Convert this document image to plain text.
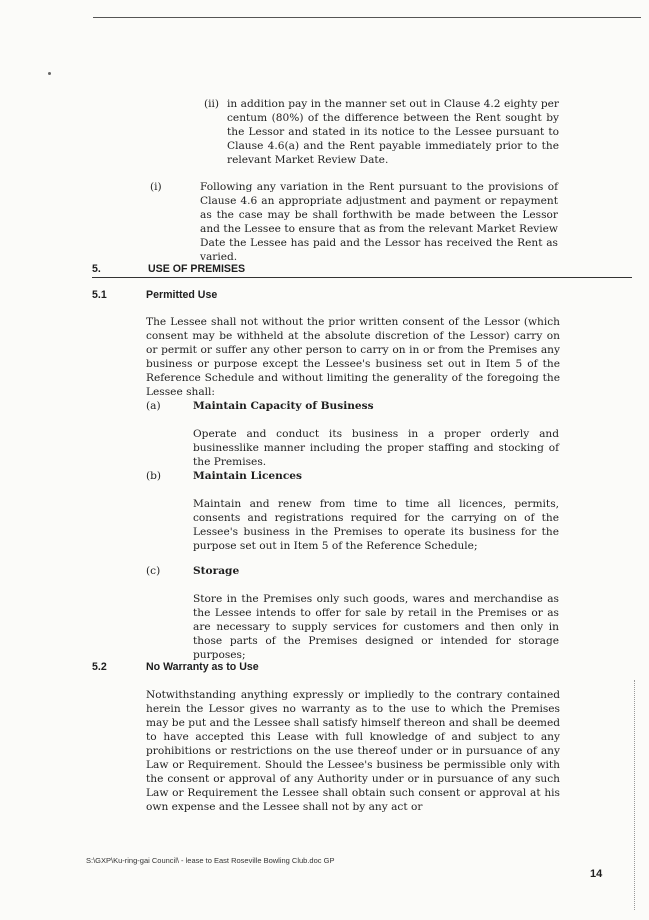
(ii) in addition pay in the manner set out in Clause 4.2 eighty per centum (80%) of the difference between the Rent sought by the Lessor and stated in its notice to the Lessee pursuant to Clause 4.6(a) and the Rent payable immediately prior to the relevant Market Review Date.

(i)	Following any variation in the Rent pursuant to the provisions of Clause 4.6 an appropriate adjustment and payment or repayment as the case may be shall forthwith be made between the Lessor and the Lessee to ensure that as from the relevant Market Review Date the Lessee has paid and the Lessor has received the Rent as varied.

5.	USE OF PREMISES
5.1	Permitted Use

The Lessee shall not without the prior written consent of the Lessor (which consent may be withheld at the absolute discretion of the Lessor) carry on or permit or suffer any other person to carry on in or from the Premises any business or purpose except the Lessee's business set out in Item 5 of the Reference Schedule and without limiting the generality of the foregoing the Lessee shall:

(a)	Maintain Capacity of Business

Operate and conduct its business in a proper orderly and businesslike manner including the proper staffing and stocking of the Premises.

(b)	Maintain Licences

Maintain and renew from time to time all licences, permits, consents and registrations required for the carrying on of the Lessee's business in the Premises to operate its business for the purpose set out in Item 5 of the Reference Schedule;

(c)	Storage

Store in the Premises only such goods, wares and merchandise as the Lessee intends to offer for sale by retail in the Premises or as are necessary to supply services for customers and then only in those parts of the Premises designed or intended for storage purposes;

5.2	No Warranty as to Use

Notwithstanding anything expressly or impliedly to the contrary contained herein the Lessor gives no warranty as to the use to which the Premises may be put and the Lessee shall satisfy himself thereon and shall be deemed to have accepted this Lease with full knowledge of and subject to any prohibitions or restrictions on the use thereof under or in pursuance of any Law or Requirement. Should the Lessee's business be permissible only with the consent or approval of any Authority under or in pursuance of any such Law or Requirement the Lessee shall obtain such consent or approval at his own expense and the Lessee shall not by any act or

S:\GXP\Ku-ring-gai Council\ - lease to East Roseville Bowling Club.doc GP
14
